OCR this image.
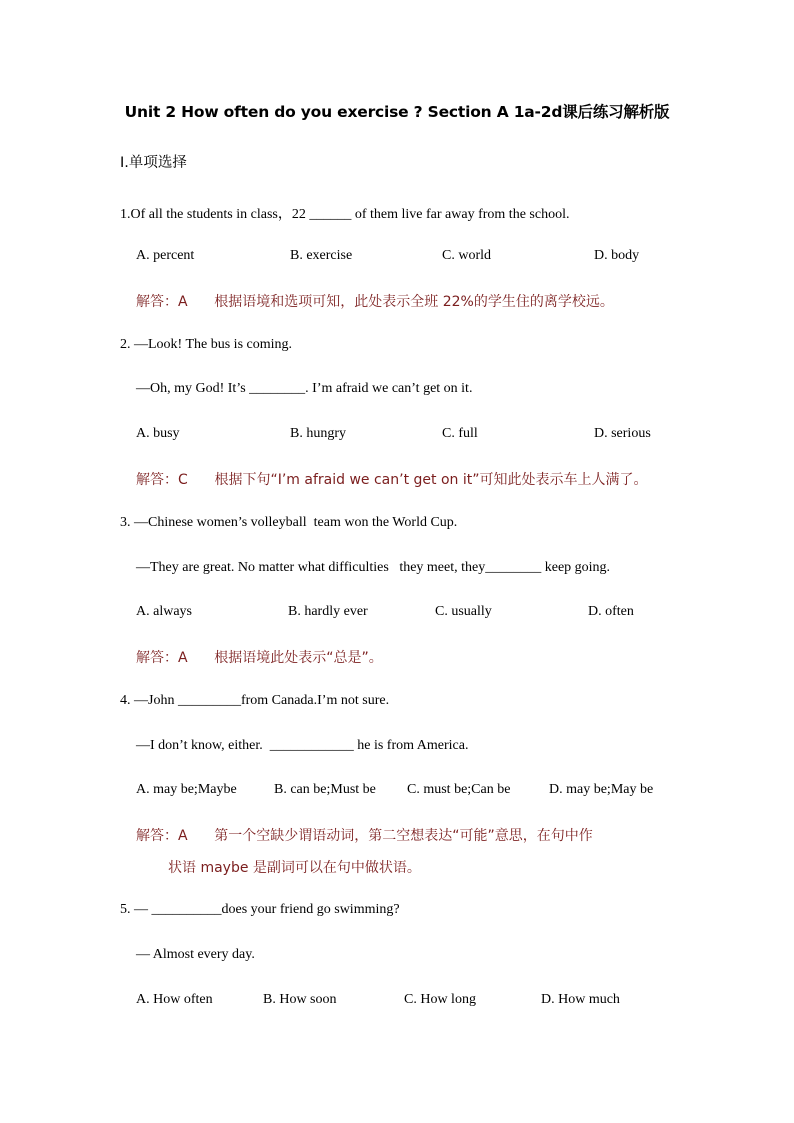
Unit 2 How often do you exercise ? Section A 1a-2d课后练习解析版
Ⅰ.单项选择
1.Of all the students in class，22 ______ of them live far away from the school.
A. percent	B. exercise	C. world	D. body
解答：A      根据语境和选项可知，此处表示全班 22%的学生住的离学校远。
2. —Look! The bus is coming.
—Oh, my God! It’s ________. I’m afraid we can’t get on it.
A. busy	B. hungry	C. full	D. serious
解答：C      根据下句“I’m afraid we can’t get on it”可知此处表示车上人满了。
3. —Chinese women’s volleyball  team won the World Cup.
—They are great. No matter what difficulties   they meet, they________ keep going.
A. always	B. hardly ever	C. usually	D. often
解答：A      根据语境此处表示“总是”。
4. —John _________from Canada.I’m not sure.
—I don’t know, either.  ____________ he is from America.
A. may be;Maybe	B. can be;Must be C. must be;Can be	D. may be;May be
解答：A      第一个空缺少谓语动词，第二空想表达“可能”意思，在句中作
状语 maybe 是副词可以在句中做状语。
5. — __________does your friend go swimming?
— Almost every day.
A. How often	B. How soon	C. How long	D. How much
